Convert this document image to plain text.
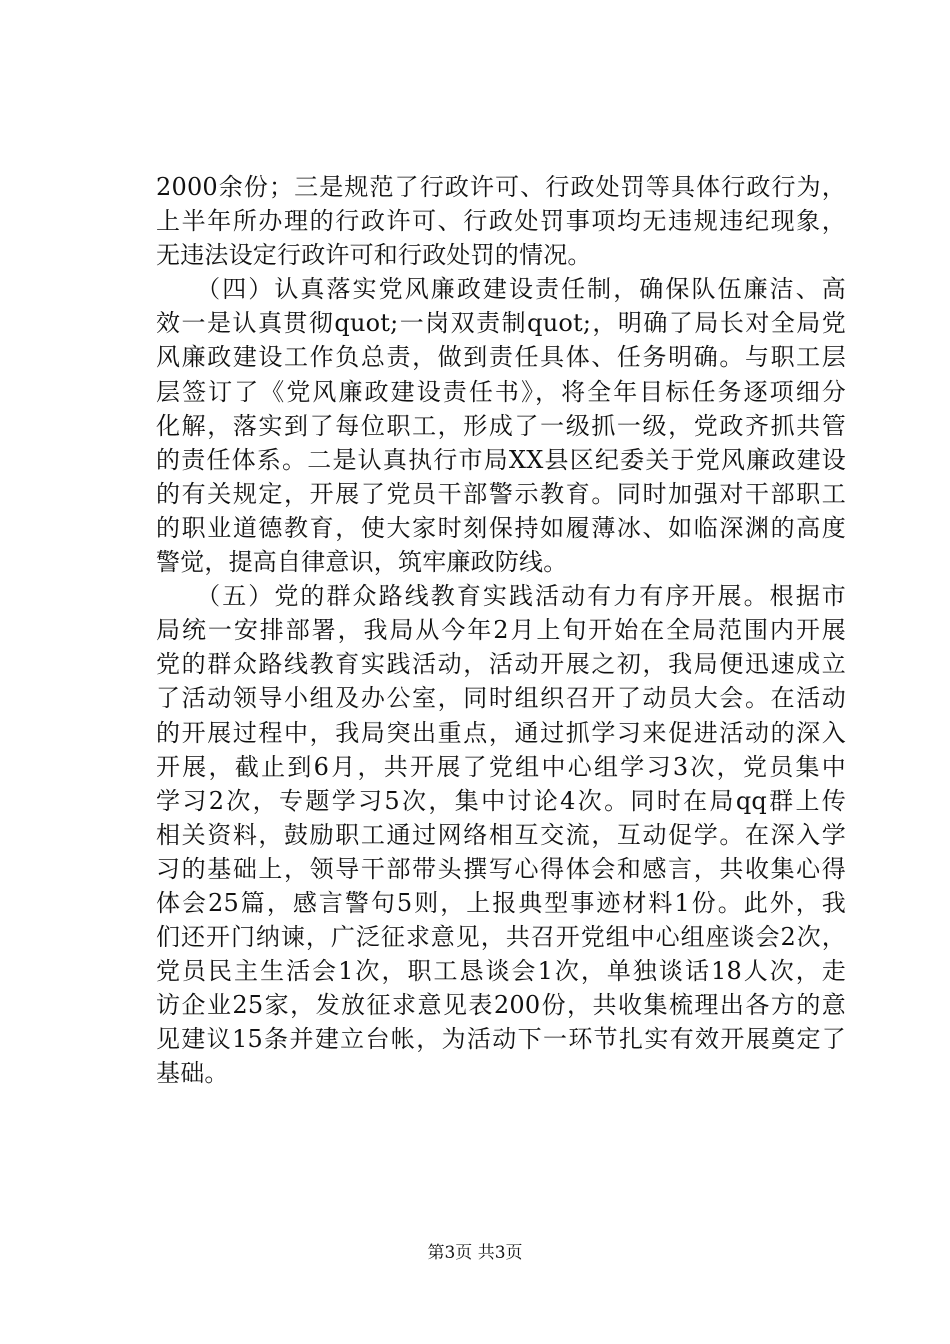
2000余份；三是规范了行政许可、行政处罚等具体行政行为，
上半年所办理的行政许可、行政处罚事项均无违规违纪现象，
无违法设定行政许可和行政处罚的情况。
　　（四）认真落实党风廉政建设责任制，确保队伍廉洁、高
效一是认真贯彻quot;一岗双责制quot;，明确了局长对全局党
风廉政建设工作负总责，做到责任具体、任务明确。与职工层
层签订了《党风廉政建设责任书》，将全年目标任务逐项细分
化解，落实到了每位职工，形成了一级抓一级，党政齐抓共管
的责任体系。二是认真执行市局XX县区纪委关于党风廉政建设
的有关规定，开展了党员干部警示教育。同时加强对干部职工
的职业道德教育，使大家时刻保持如履薄冰、如临深渊的高度
警觉，提高自律意识，筑牢廉政防线。
　　（五）党的群众路线教育实践活动有力有序开展。根据市
局统一安排部署，我局从今年2月上旬开始在全局范围内开展
党的群众路线教育实践活动，活动开展之初，我局便迅速成立
了活动领导小组及办公室，同时组织召开了动员大会。在活动
的开展过程中，我局突出重点，通过抓学习来促进活动的深入
开展，截止到6月，共开展了党组中心组学习3次，党员集中
学习2次，专题学习5次，集中讨论4次。同时在局qq群上传
相关资料，鼓励职工通过网络相互交流，互动促学。在深入学
习的基础上，领导干部带头撰写心得体会和感言，共收集心得
体会25篇，感言警句5则，上报典型事迹材料1份。此外，我
们还开门纳谏，广泛征求意见，共召开党组中心组座谈会2次，
党员民主生活会1次，职工恳谈会1次，单独谈话18人次，走
访企业25家，发放征求意见表200份，共收集梳理出各方的意
见建议15条并建立台帐，为活动下一环节扎实有效开展奠定了
基础。
第3页 共3页
